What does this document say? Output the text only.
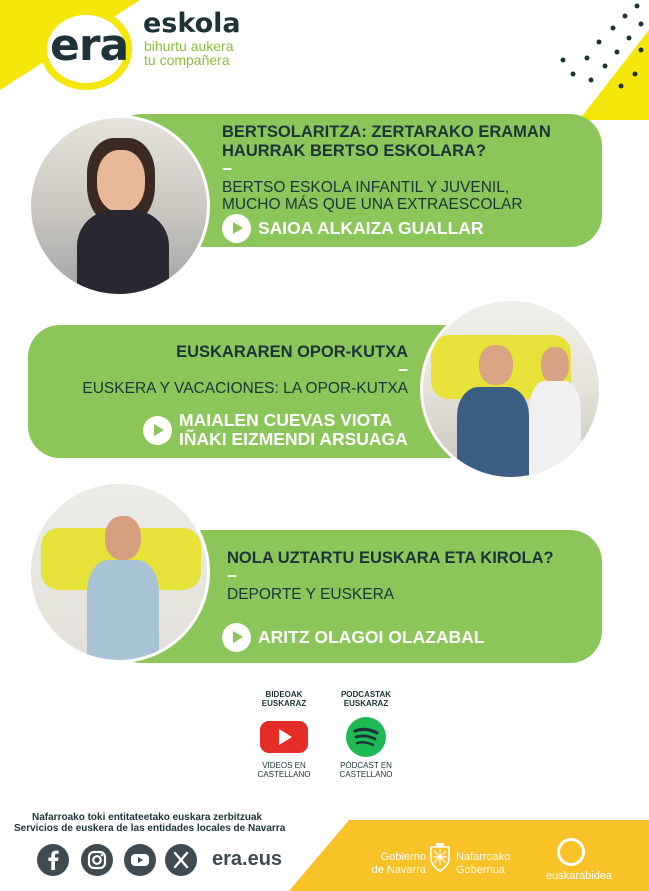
era eskola
bihurtu aukera
tu compañera
BERTSOLARITZA: ZERTARAKO ERAMAN
HAURRAK BERTSO ESKOLARA?
–
BERTSO ESKOLA INFANTIL Y JUVENIL,
MUCHO MÁS QUE UNA EXTRAESCOLAR
SAIOA ALKAIZA GUALLAR
EUSKARAREN OPOR-KUTXA
–
EUSKERA Y VACACIONES: LA OPOR-KUTXA
MAIALEN CUEVAS VIOTA
IÑAKI EIZMENDI ARSUAGA
NOLA UZTARTU EUSKARA ETA KIROLA?
–
DEPORTE Y EUSKERA
ARITZ OLAGOI OLAZABAL
BIDEOAK
EUSKARAZ
VÍDEOS EN
CASTELLANO
PODCASTAK
EUSKARAZ
PÓDCAST EN
CASTELLANO
Nafarroako toki entitateetako euskara zerbitzuak
Servicios de euskera de las entidades locales de Navarra
era.eus	Gobierno
de Navarra
Nafarroako
Gobernua	euskarabidea
